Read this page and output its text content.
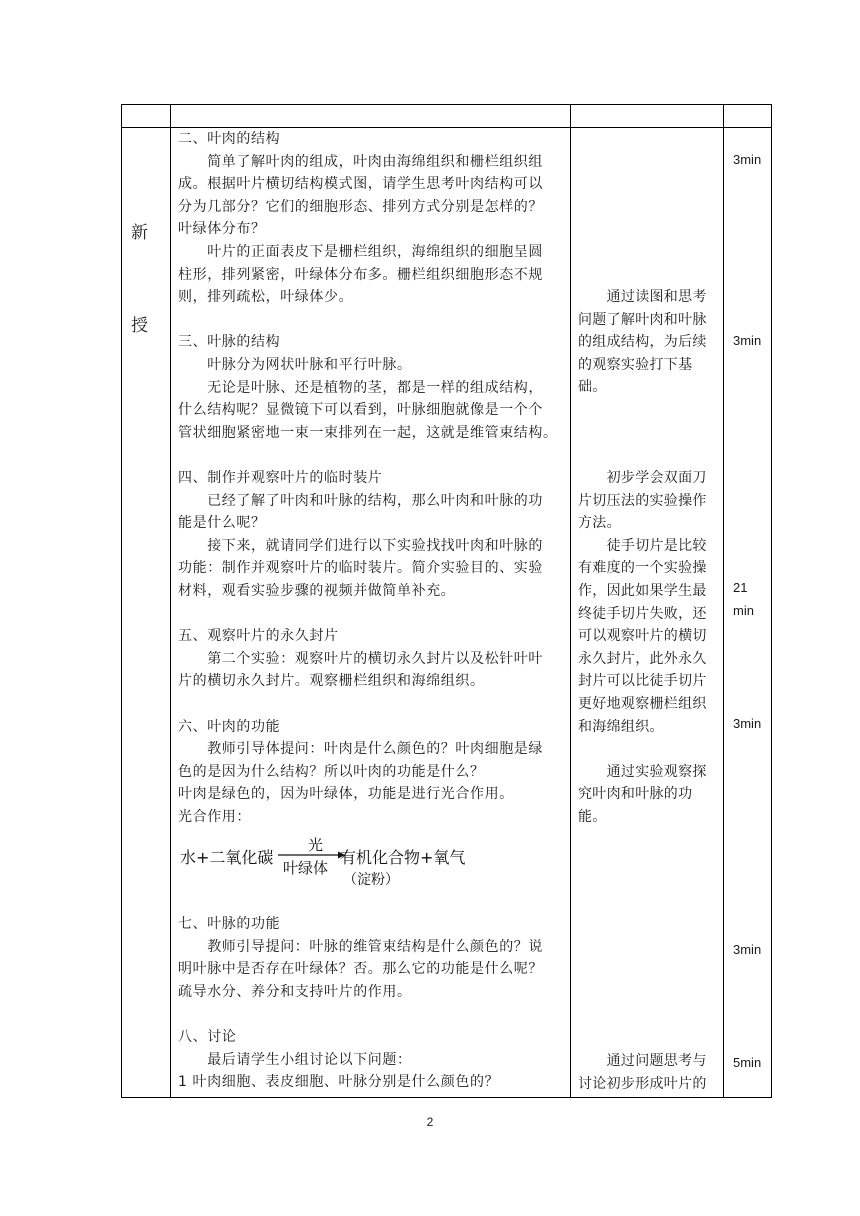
新
授
二、叶肉的结构
　　简单了解叶肉的组成，叶肉由海绵组织和栅栏组织组
成。根据叶片横切结构模式图，请学生思考叶肉结构可以
分为几部分？它们的细胞形态、排列方式分别是怎样的？
叶绿体分布？
　　叶片的正面表皮下是栅栏组织，海绵组织的细胞呈圆
柱形，排列紧密，叶绿体分布多。栅栏组织细胞形态不规
则，排列疏松，叶绿体少。
三、叶脉的结构
　　叶脉分为网状叶脉和平行叶脉。
　　无论是叶脉、还是植物的茎，都是一样的组成结构，
什么结构呢？显微镜下可以看到，叶脉细胞就像是一个个
管状细胞紧密地一束一束排列在一起，这就是维管束结构。
四、制作并观察叶片的临时装片
　　已经了解了叶肉和叶脉的结构，那么叶肉和叶脉的功
能是什么呢？
　　接下来，就请同学们进行以下实验找找叶肉和叶脉的
功能：制作并观察叶片的临时装片。简介实验目的、实验
材料，观看实验步骤的视频并做简单补充。
五、观察叶片的永久封片
　　第二个实验：观察叶片的横切永久封片以及松针叶叶
片的横切永久封片。观察栅栏组织和海绵组织。
六、叶肉的功能
　　教师引导体提问：叶肉是什么颜色的？叶肉细胞是绿
色的是因为什么结构？所以叶肉的功能是什么？
叶肉是绿色的，因为叶绿体，功能是进行光合作用。
光合作用：
水+二氧化碳
光
叶绿体
有机化合物+氧气
（淀粉）
七、叶脉的功能
　　教师引导提问：叶脉的维管束结构是什么颜色的？说
明叶脉中是否存在叶绿体？否。那么它的功能是什么呢？
疏导水分、养分和支持叶片的作用。
八、讨论
　　最后请学生小组讨论以下问题：
1 叶肉细胞、表皮细胞、叶脉分别是什么颜色的？
　　通过读图和思考
问题了解叶肉和叶脉
的组成结构，为后续
的观察实验打下基
础。
　　初步学会双面刀
片切压法的实验操作
方法。
　　徒手切片是比较
有难度的一个实验操
作，因此如果学生最
终徒手切片失败，还
可以观察叶片的横切
永久封片，此外永久
封片可以比徒手切片
更好地观察栅栏组织
和海绵组织。
　　通过实验观察探
究叶肉和叶脉的功
能。
　　通过问题思考与
讨论初步形成叶片的
3min
3min
21
min
3min
3min
5min
2
